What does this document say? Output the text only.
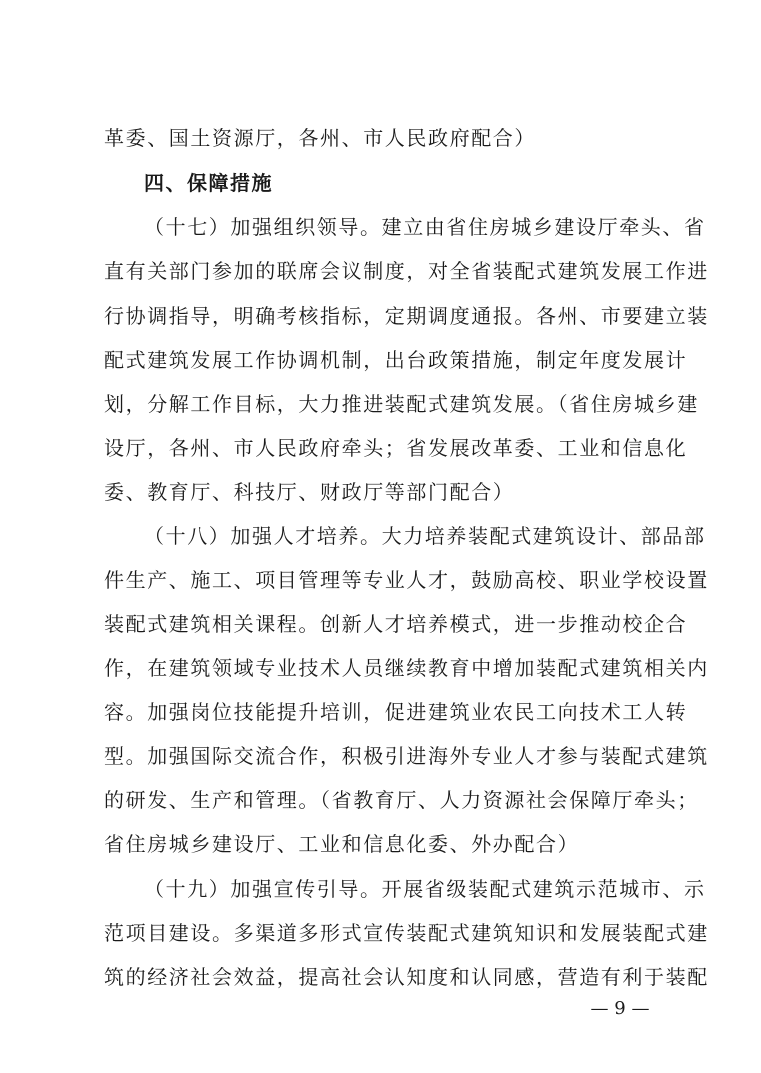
革委、国土资源厅，各州、市人民政府配合）
四、保障措施
（十七）加强组织领导。建立由省住房城乡建设厅牵头、省
直有关部门参加的联席会议制度，对全省装配式建筑发展工作进
行协调指导，明确考核指标，定期调度通报。各州、市要建立装
配式建筑发展工作协调机制，出台政策措施，制定年度发展计
划，分解工作目标，大力推进装配式建筑发展。（省住房城乡建
设厅，各州、市人民政府牵头；省发展改革委、工业和信息化
委、教育厅、科技厅、财政厅等部门配合）
（十八）加强人才培养。大力培养装配式建筑设计、部品部
件生产、施工、项目管理等专业人才，鼓励高校、职业学校设置
装配式建筑相关课程。创新人才培养模式，进一步推动校企合
作，在建筑领域专业技术人员继续教育中增加装配式建筑相关内
容。加强岗位技能提升培训，促进建筑业农民工向技术工人转
型。加强国际交流合作，积极引进海外专业人才参与装配式建筑
的研发、生产和管理。（省教育厅、人力资源社会保障厅牵头；
省住房城乡建设厅、工业和信息化委、外办配合）
（十九）加强宣传引导。开展省级装配式建筑示范城市、示
范项目建设。多渠道多形式宣传装配式建筑知识和发展装配式建
筑的经济社会效益，提高社会认知度和认同感，营造有利于装配
— 9 —
